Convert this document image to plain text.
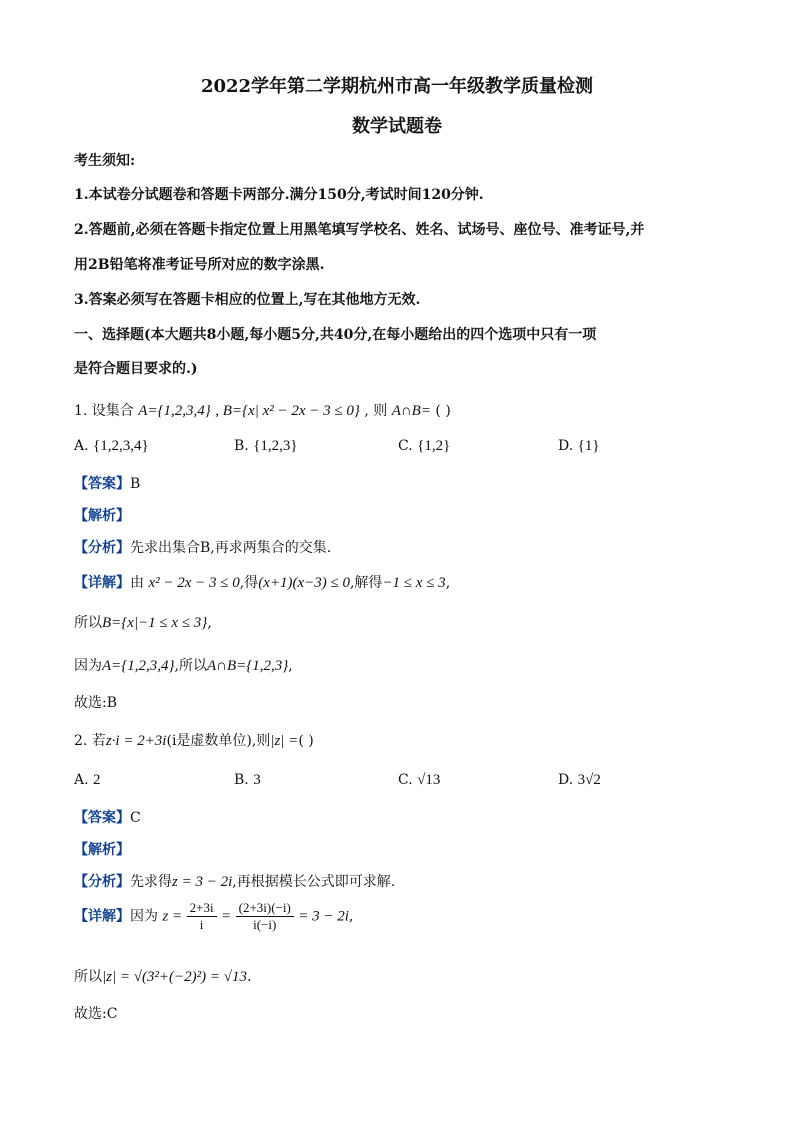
2022学年第二学期杭州市高一年级教学质量检测
数学试题卷
考生须知:
1.本试卷分试题卷和答题卡两部分.满分150分,考试时间120分钟.
2.答题前,必须在答题卡指定位置上用黑笔填写学校名、姓名、试场号、座位号、准考证号,并
用2B铅笔将准考证号所对应的数字涂黑.
3.答案必须写在答题卡相应的位置上,写在其他地方无效.
一、选择题(本大题共8小题,每小题5分,共40分,在每小题给出的四个选项中只有一项
是符合题目要求的.)
1. 设集合 A={1,2,3,4} , B={x| x² − 2x − 3 ≤ 0} , 则 A∩B= ( )
A. {1,2,3,4}	B. {1,2,3}	C. {1,2}	D. {1}
【答案】B
【解析】
【分析】先求出集合B,再求两集合的交集.
【详解】由 x² − 2x − 3 ≤ 0,得(x+1)(x−3) ≤ 0,解得−1 ≤ x ≤ 3,
所以B={x|−1 ≤ x ≤ 3},
因为A={1,2,3,4},所以A∩B={1,2,3},
故选:B
2. 若z·i = 2+3i(i是虚数单位),则|z| =( )
A. 2	B. 3	C. √13	D. 3√2
【答案】C
【解析】
【分析】先求得z = 3 − 2i,再根据模长公式即可求解.
【详解】因为 $z = \frac{2+3i}{i} = \frac{(2+3i)(-i)}{i(-i)} = 3 - 2i$,
所以|z| = √(3²+(−2)²) = √13.
故选:C
